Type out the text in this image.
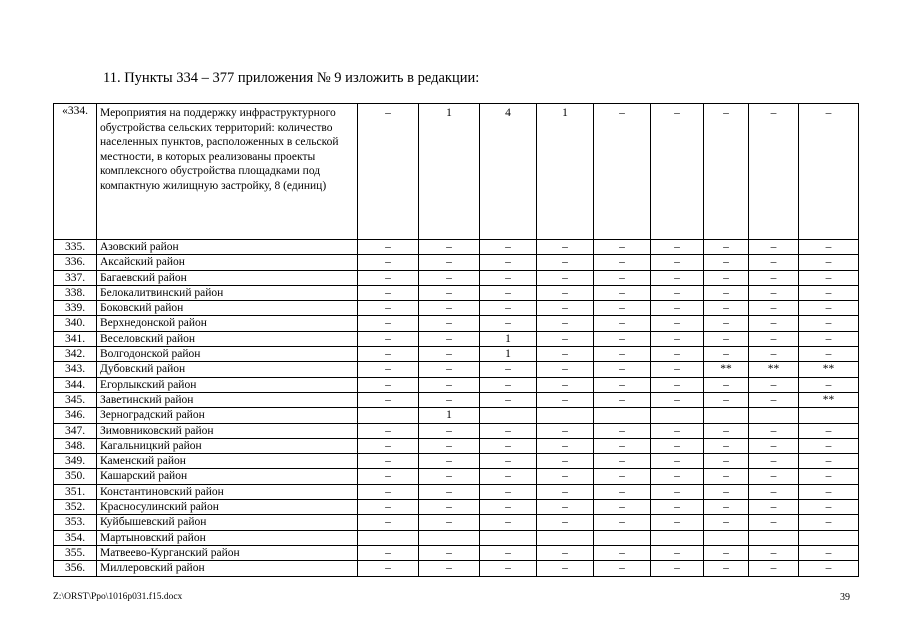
11. Пункты 334 – 377 приложения № 9 изложить в редакции:
«334.	Мероприятия на поддержку инфраструктурного обустройства сельских территорий: количество населенных пунктов, расположенных в сельской местности, в которых реализованы проекты комплексного обустройства площадками под компактную жилищную застройку, 8 (единиц)	–	1	4	1	–	–	–	–	–
335.	Азовский район	–	–	–	–	–	–	–	–	–
336.	Аксайский район	–	–	–	–	–	–	–	–	–
337.	Багаевский район	–	–	–	–	–	–	–	–	–
338.	Белокалитвинский район	–	–	–	–	–	–	–	–	–
339.	Боковский район	–	–	–	–	–	–	–	–	–
340.	Верхнедонской район	–	–	–	–	–	–	–	–	–
341.	Веселовский район	–	–	1	–	–	–	–	–	–
342.	Волгодонской район	–	–	1	–	–	–	–	–	–
343.	Дубовский район	–	–	–	–	–	–	**	**	**
344.	Егорлыкский район	–	–	–	–	–	–	–	–	–
345.	Заветинский район	–	–	–	–	–	–	–	–	**
346.	Зерноградский район		1							
347.	Зимовниковский район	–	–	–	–	–	–	–	–	–
348.	Кагальницкий район	–	–	–	–	–	–	–	–	–
349.	Каменский район	–	–	–	–	–	–	–	–	–
350.	Кашарский район	–	–	–	–	–	–	–	–	–
351.	Константиновский район	–	–	–	–	–	–	–	–	–
352.	Красносулинский район	–	–	–	–	–	–	–	–	–
353.	Куйбышевский район	–	–	–	–	–	–	–	–	–
354.	Мартыновский район									
355.	Матвеево-Курганский район	–	–	–	–	–	–	–	–	–
356.	Миллеровский район	–	–	–	–	–	–	–	–	–
Z:\ORST\Ppo\1016p031.f15.docx	39
